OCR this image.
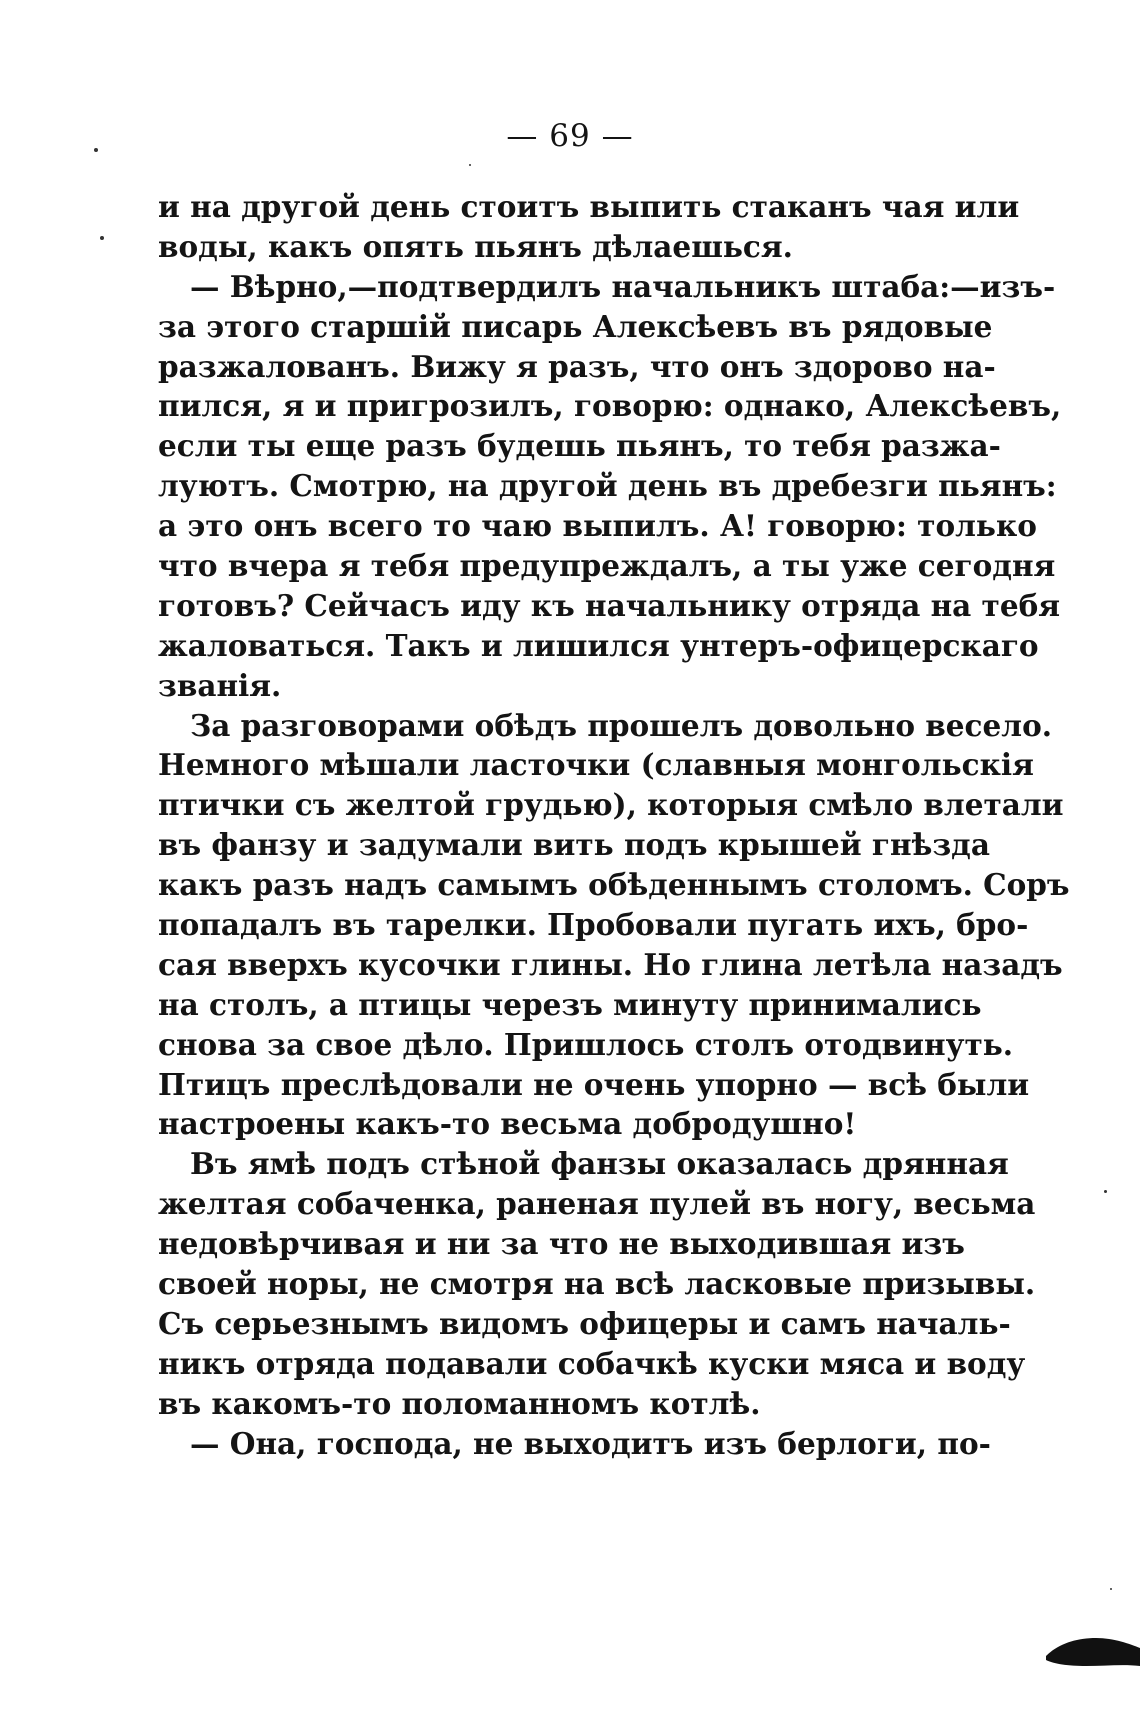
— 69 —
и на другой день стоитъ выпить стаканъ чая или
воды, какъ опять пьянъ дѣлаешься.
— Вѣрно,—подтвердилъ начальникъ штаба:—изъ-
за этого старшій писарь Алексѣевъ въ рядовые
разжалованъ. Вижу я разъ, что онъ здорово на-
пился, я и пригрозилъ, говорю: однако, Алексѣевъ,
если ты еще разъ будешь пьянъ, то тебя разжа-
луютъ. Смотрю, на другой день въ дребезги пьянъ:
а это онъ всего то чаю выпилъ. А! говорю: только
что вчера я тебя предупреждалъ, а ты уже сегодня
готовъ? Сейчасъ иду къ начальнику отряда на тебя
жаловаться. Такъ и лишился унтеръ-офицерскаго
званія.
За разговорами обѣдъ прошелъ довольно весело.
Немного мѣшали ласточки (славныя монгольскія
птички съ желтой грудью), которыя смѣло влетали
въ фанзу и задумали вить подъ крышей гнѣзда
какъ разъ надъ самымъ обѣденнымъ столомъ. Соръ
попадалъ въ тарелки. Пробовали пугать ихъ, бро-
сая вверхъ кусочки глины. Но глина летѣла назадъ
на столъ, а птицы черезъ минуту принимались
снова за свое дѣло. Пришлось столъ отодвинуть.
Птицъ преслѣдовали не очень упорно — всѣ были
настроены какъ-то весьма добродушно!
Въ ямѣ подъ стѣной фанзы оказалась дрянная
желтая собаченка, раненая пулей въ ногу, весьма
недовѣрчивая и ни за что не выходившая изъ
своей норы, не смотря на всѣ ласковые призывы.
Съ серьезнымъ видомъ офицеры и самъ началь-
никъ отряда подавали собачкѣ куски мяса и воду
въ какомъ-то поломанномъ котлѣ.
— Она, господа, не выходитъ изъ берлоги, по-
